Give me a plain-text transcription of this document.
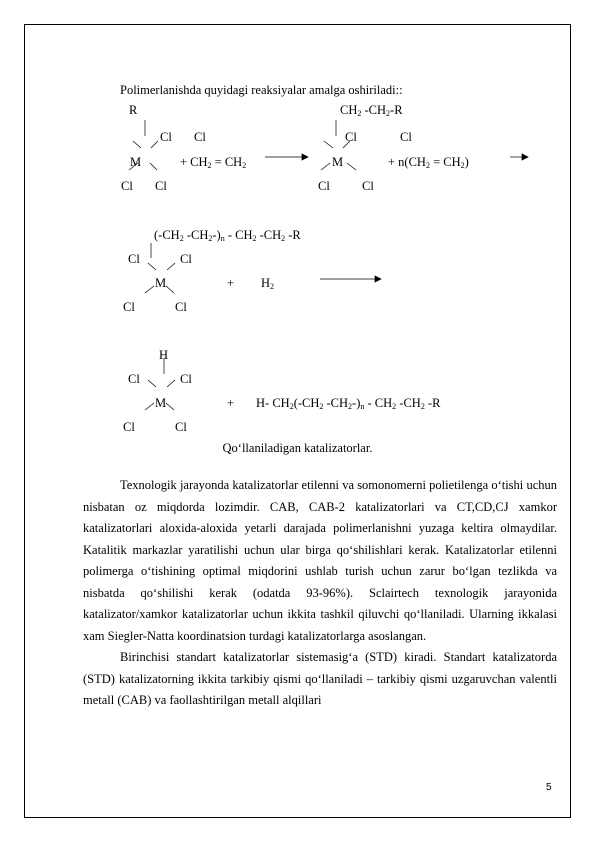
Polimerlanishda quyidagi reaksiyalar amalga oshiriladi::
R
Cl Cl
M	+ $CH_2 = CH_2$
Cl Cl
$CH_2$ $-CH_2-R$
Cl	Cl
M	+ $n(CH_2 = CH_2)$
Cl	Cl
($-CH_2$ $-CH_2-)_n - CH_2$ $-CH_2$ -R
Cl	Cl
M	+ $H_2$
Cl	Cl
H
Cl	Cl
M	+ H- $CH_2(-CH_2$ $-CH_2-)_n - CH_2$ $-CH_2$ -R
Cl	Cl
Qo‘llaniladigan katalizatorlar.

Texnologik jarayonda katalizatorlar etilenni va somonomerni polietilenga o‘tishi uchun nisbatan oz miqdorda lozimdir. CAB, CAB-2 katalizatorlari va CT,CD,CJ xamkor katalizatorlari aloxida-aloxida yetarli darajada polimerlanishni yuzaga keltira olmaydilar. Katalitik markazlar yaratilishi uchun ular birga qo‘shilishlari kerak. Katalizatorlar etilenni polimerga o‘tishining optimal miqdorini ushlab turish uchun zarur bo‘lgan tezlikda va nisbatda qo‘shilishi kerak (odatda 93-96%). Sclairtech texnologik jarayonida katalizator/xamkor katalizatorlar uchun ikkita tashkil qiluvchi qo‘llaniladi. Ularning ikkalasi xam Siegler-Natta koordinatsion turdagi katalizatorlarga asoslangan.

Birinchisi standart katalizatorlar sistemasig‘a (STD) kiradi. Standart katalizatorda (STD) katalizatorning ikkita tarkibiy qismi qo‘llaniladi – tarkibiy qismi uzgaruvchan valentli metall (CAB) va faollashtirilgan metall alqillari

5
